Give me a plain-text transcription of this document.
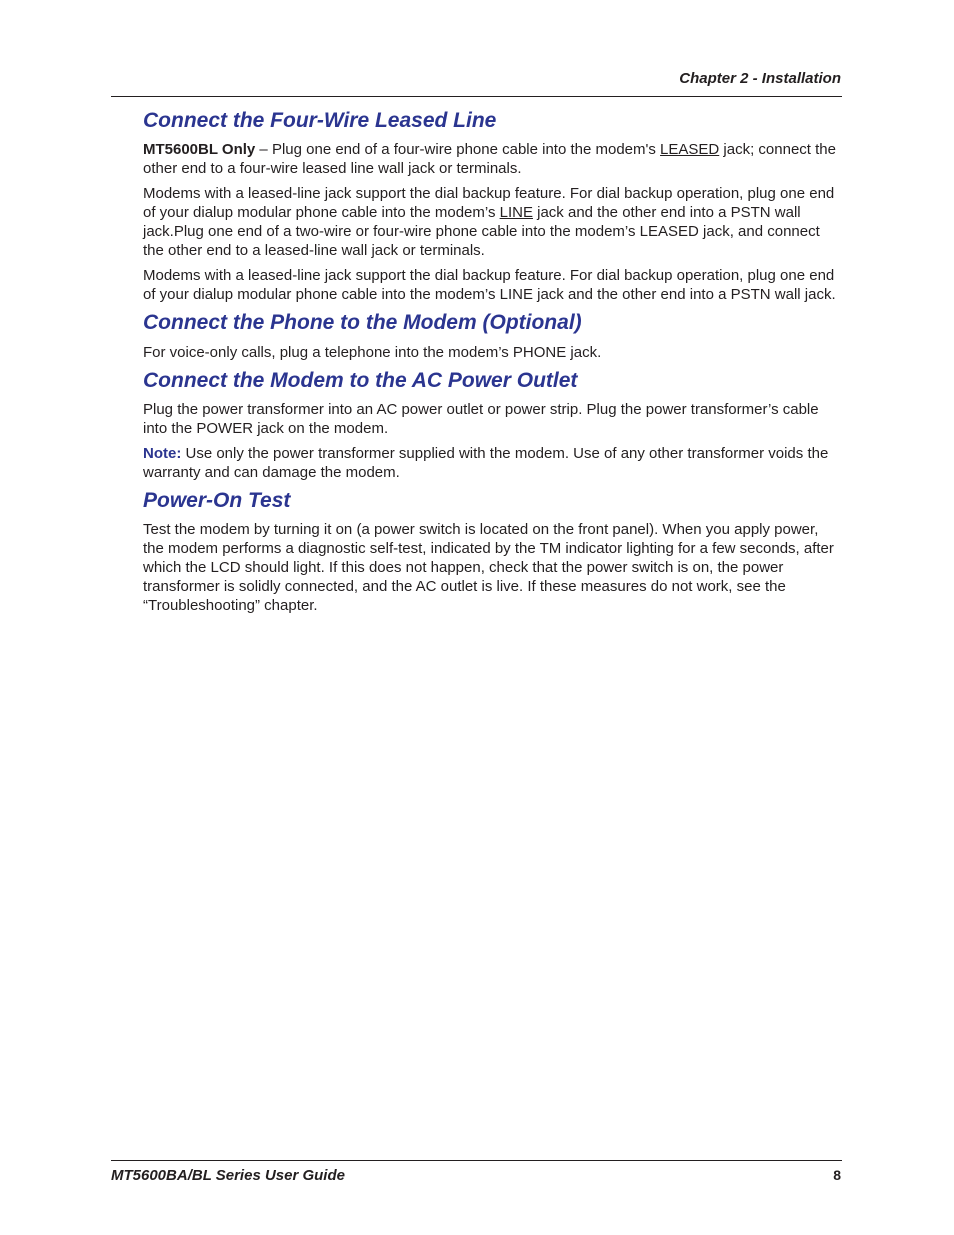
Chapter 2 - Installation
Connect the Four-Wire Leased Line

MT5600BL Only – Plug one end of a four-wire phone cable into the modem's LEASED jack; connect the other end to a four-wire leased line wall jack or terminals.

Modems with a leased-line jack support the dial backup feature. For dial backup operation, plug one end of your dialup modular phone cable into the modem’s LINE jack and the other end into a PSTN wall jack.Plug one end of a two-wire or four-wire phone cable into the modem’s LEASED jack, and connect the other end to a leased-line wall jack or terminals.

Modems with a leased-line jack support the dial backup feature. For dial backup operation, plug one end of your dialup modular phone cable into the modem’s LINE jack and the other end into a PSTN wall jack.

Connect the Phone to the Modem (Optional)

For voice-only calls, plug a telephone into the modem’s PHONE jack.

Connect the Modem to the AC Power Outlet

Plug the power transformer into an AC power outlet or power strip. Plug the power transformer’s cable into the POWER jack on the modem.

Note: Use only the power transformer supplied with the modem. Use of any other transformer voids the warranty and can damage the modem.

Power-On Test

Test the modem by turning it on (a power switch is located on the front panel). When you apply power, the modem performs a diagnostic self-test, indicated by the TM indicator lighting for a few seconds, after which the LCD should light. If this does not happen, check that the power switch is on, the power transformer is solidly connected, and the AC outlet is live. If these measures do not work, see the “Troubleshooting” chapter.

MT5600BA/BL Series User Guide	8
